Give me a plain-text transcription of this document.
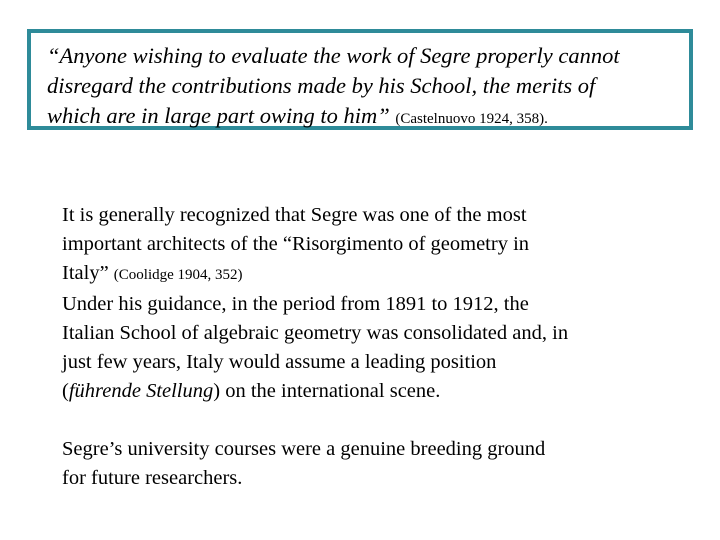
“Anyone wishing to evaluate the work of Segre properly cannot
disregard the contributions made by his School, the merits of
which are in large part owing to him” (Castelnuovo 1924, 358).

It is generally recognized that Segre was one of the most
important architects of the “Risorgimento of geometry in
Italy” (Coolidge 1904, 352)
Under his guidance, in the period from 1891 to 1912, the
Italian School of algebraic geometry was consolidated and, in
just few years, Italy would assume a leading position
(führende Stellung) on the international scene.
Segre’s university courses were a genuine breeding ground
for future researchers.
